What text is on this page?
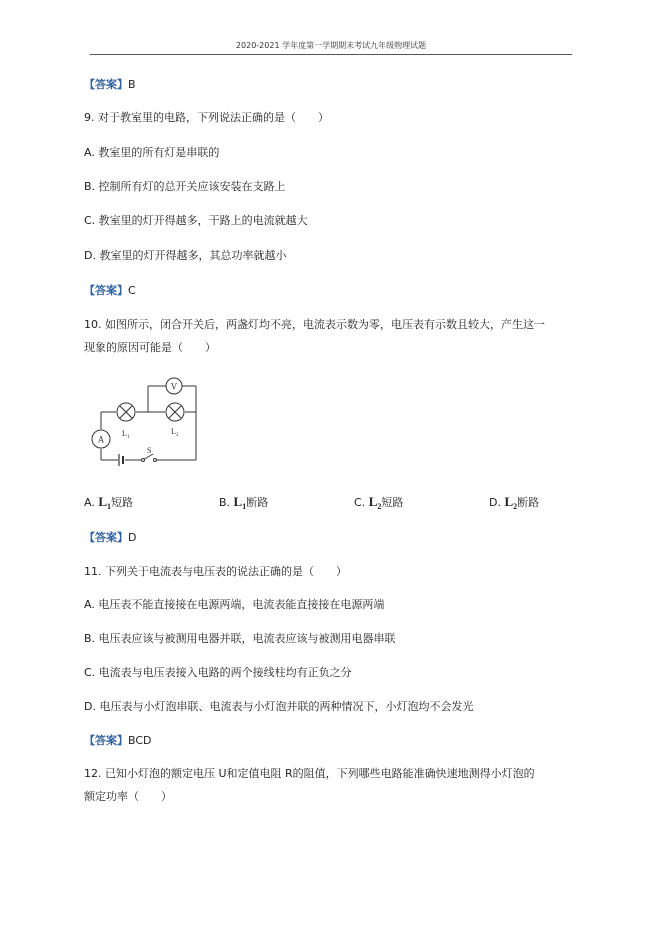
2020-2021 学年度第一学期期末考试九年级物理试题
【答案】B
9. 对于教室里的电路，下列说法正确的是（　　）
A. 教室里的所有灯是串联的
B. 控制所有灯的总开关应该安装在支路上
C. 教室里的灯开得越多，干路上的电流就越大
D. 教室里的灯开得越多，其总功率就越小
【答案】C
10. 如图所示，闭合开关后，两盏灯均不亮，电流表示数为零，电压表有示数且较大，产生这一
现象的原因可能是（　　）
V
A
L 1
L 2
S
A. $L_1$短路	B. $L_1$断路	C. $L_2$短路	D. $L_2$断路
【答案】D
11. 下列关于电流表与电压表的说法正确的是（　　）
A. 电压表不能直接接在电源两端，电流表能直接接在电源两端
B. 电压表应该与被测用电器并联，电流表应该与被测用电器串联
C. 电流表与电压表接入电路的两个接线柱均有正负之分
D. 电压表与小灯泡串联、电流表与小灯泡并联的两种情况下，小灯泡均不会发光
【答案】BCD
12. 已知小灯泡的额定电压 U和定值电阻 R的阻值，下列哪些电路能准确快速地测得小灯泡的
额定功率（　　）
